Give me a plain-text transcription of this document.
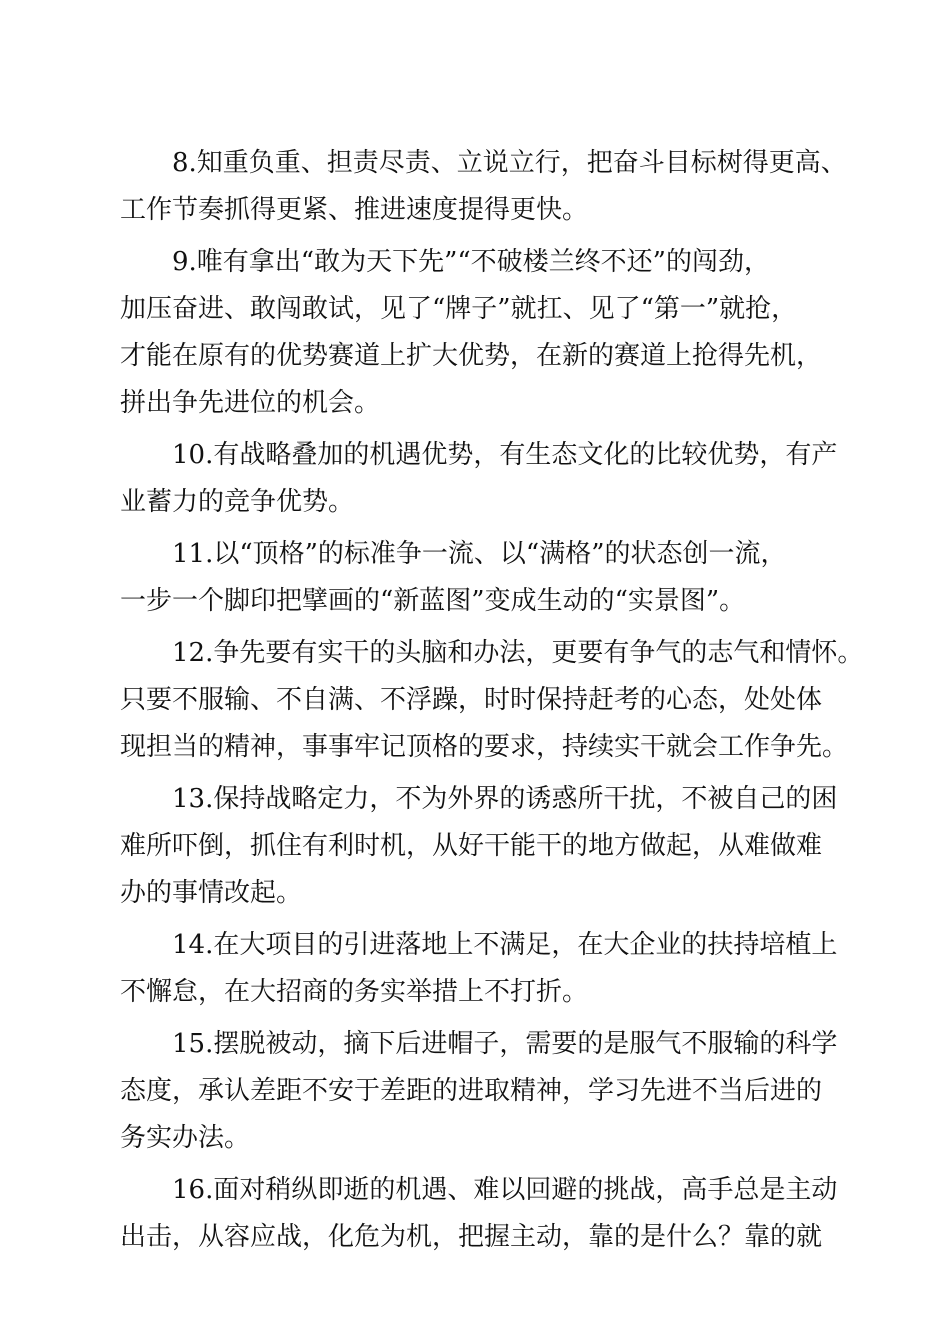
8.知重负重、担责尽责、立说立行，把奋斗目标树得更高、
工作节奏抓得更紧、推进速度提得更快。

9.唯有拿出“敢为天下先”“不破楼兰终不还”的闯劲，
加压奋进、敢闯敢试，见了“牌子”就扛、见了“第一”就抢，
才能在原有的优势赛道上扩大优势，在新的赛道上抢得先机，
拼出争先进位的机会。

10.有战略叠加的机遇优势，有生态文化的比较优势，有产
业蓄力的竞争优势。

11.以“顶格”的标准争一流、以“满格”的状态创一流，
一步一个脚印把擘画的“新蓝图”变成生动的“实景图”。

12.争先要有实干的头脑和办法，更要有争气的志气和情怀。
只要不服输、不自满、不浮躁，时时保持赶考的心态，处处体
现担当的精神，事事牢记顶格的要求，持续实干就会工作争先。

13.保持战略定力，不为外界的诱惑所干扰，不被自己的困
难所吓倒，抓住有利时机，从好干能干的地方做起，从难做难
办的事情改起。

14.在大项目的引进落地上不满足，在大企业的扶持培植上
不懈怠，在大招商的务实举措上不打折。

15.摆脱被动，摘下后进帽子，需要的是服气不服输的科学
态度，承认差距不安于差距的进取精神，学习先进不当后进的
务实办法。

16.面对稍纵即逝的机遇、难以回避的挑战，高手总是主动
出击，从容应战，化危为机，把握主动，靠的是什么？靠的就
